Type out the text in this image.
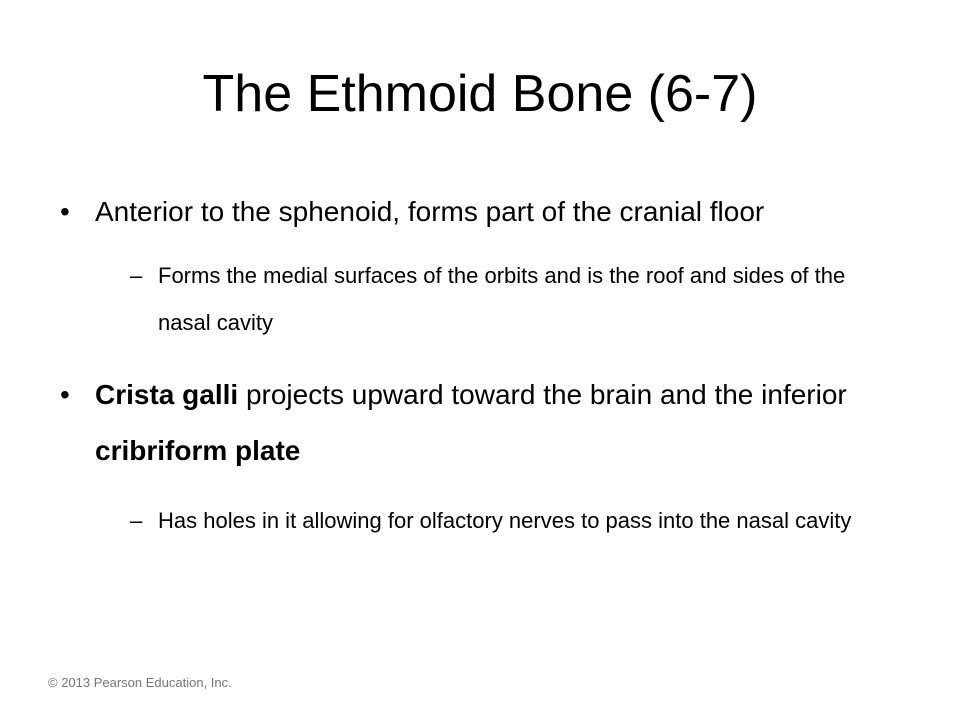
The Ethmoid Bone (6-7)
• Anterior to the sphenoid, forms part of the cranial floor
– Forms the medial surfaces of the orbits and is the roof and sides of the nasal cavity
• Crista galli projects upward toward the brain and the inferior cribriform plate
– Has holes in it allowing for olfactory nerves to pass into the nasal cavity
© 2013 Pearson Education, Inc.
